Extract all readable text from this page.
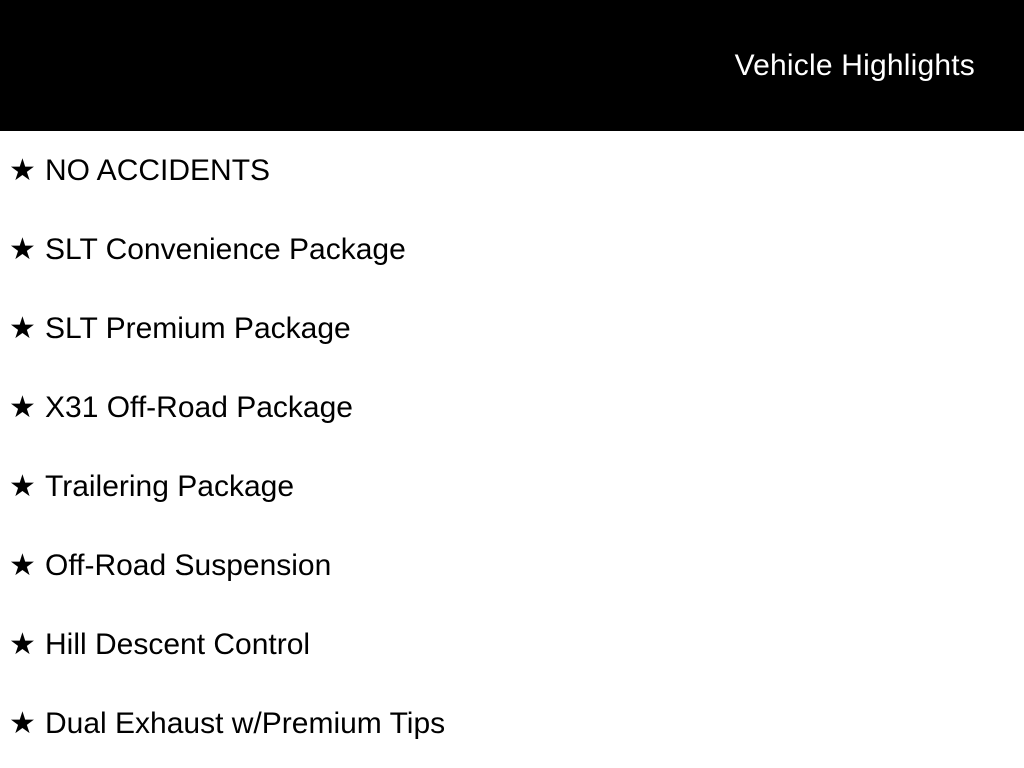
Vehicle Highlights
★ NO ACCIDENTS
★ SLT Convenience Package
★ SLT Premium Package
★ X31 Off-Road Package
★ Trailering Package
★ Off-Road Suspension
★ Hill Descent Control
★ Dual Exhaust w/Premium Tips
